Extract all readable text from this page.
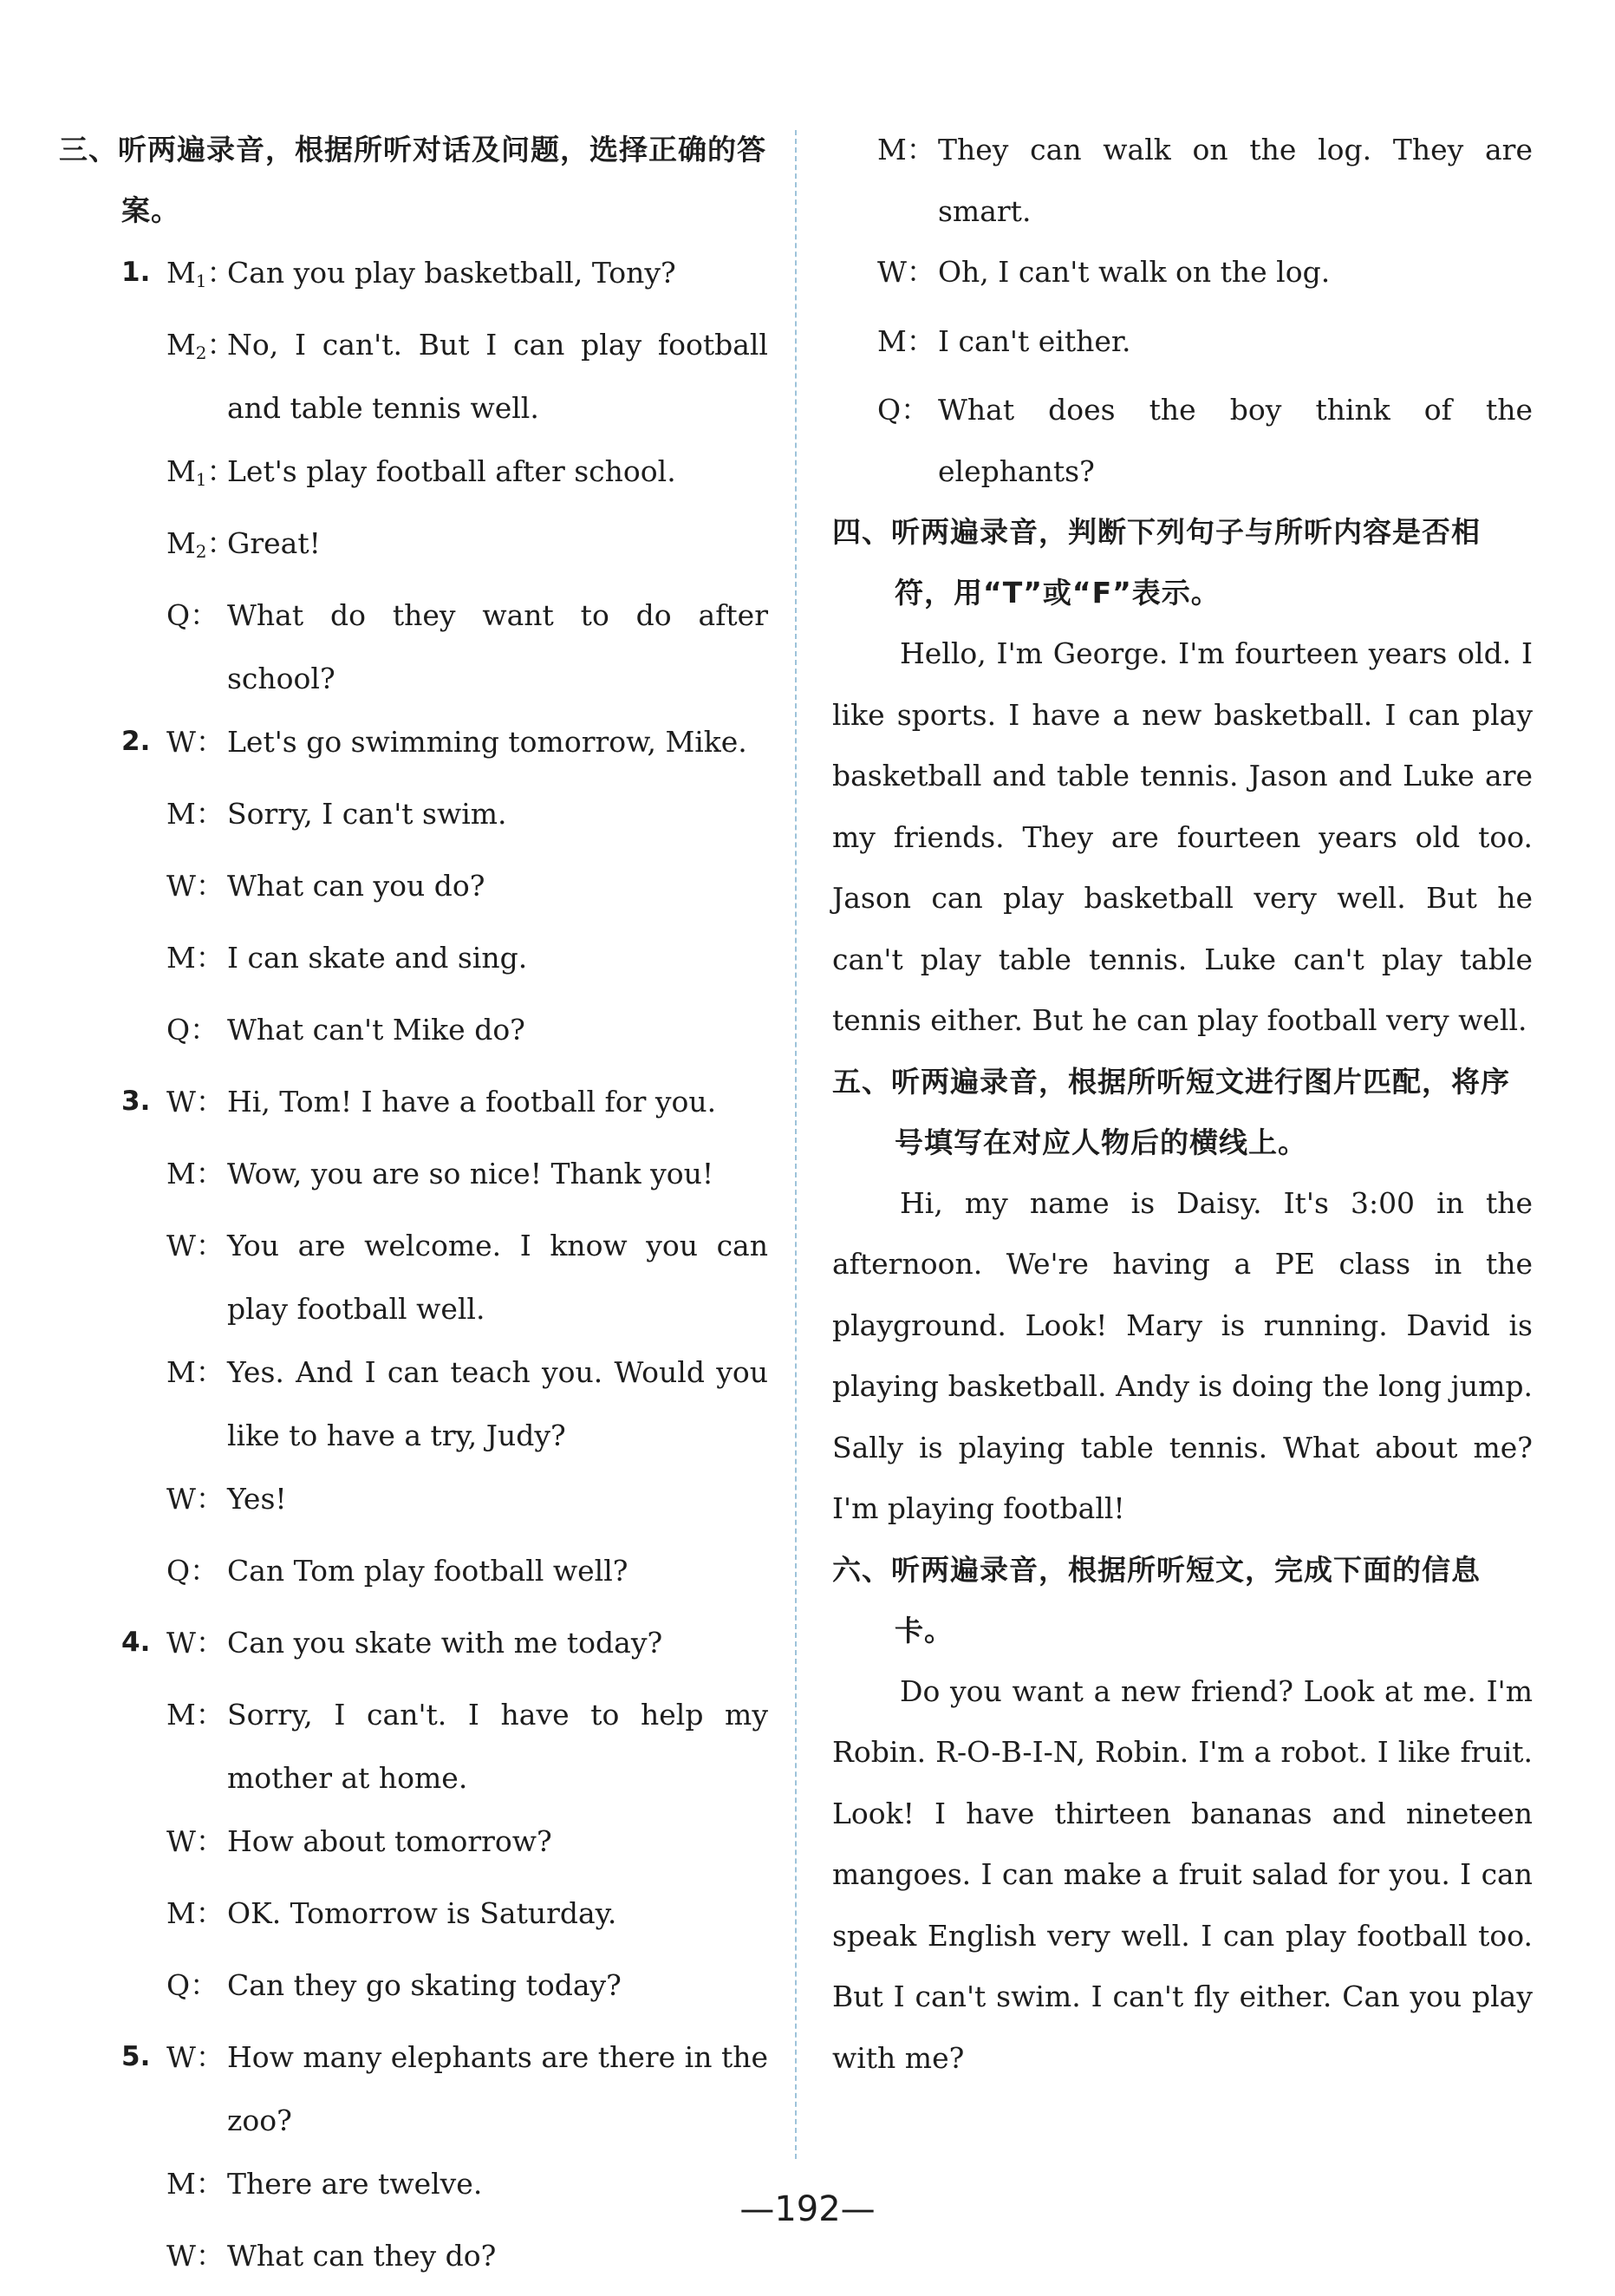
三、听两遍录音，根据所听对话及问题，选择正确的答案。

1. M1：
Can you play basketball, Tony?
M2：
No, I can't. But I can play football and table tennis well.
M1：
Let's play football after school.
M2：
Great!
Q： What do they want to do after school?
2. W： Let's go swimming tomorrow, Mike.
M： Sorry, I can't swim.
W： What can you do?
M： I can skate and sing.
Q： What can't Mike do?
3. W： Hi, Tom! I have a football for you.
M： Wow, you are so nice! Thank you!
W： You are welcome. I know you can play football well.
M： Yes. And I can teach you. Would you like to have a try, Judy?
W： Yes!
Q： Can Tom play football well?
4. W： Can you skate with me today?
M： Sorry, I can't. I have to help my mother at home.
W： How about tomorrow?
M： OK. Tomorrow is Saturday.
Q： Can they go skating today?
5. W： How many elephants are there in the zoo?
M： There are twelve.
W： What can they do?
M： They can walk on the log. They are smart.
W： Oh, I can't walk on the log.
M： I can't either.
Q： What does the boy think of the elephants?

四、听两遍录音，判断下列句子与所听内容是否相符，用“T”或“F”表示。

Hello, I'm George. I'm fourteen years old. I like sports. I have a new basketball. I can play basketball and table tennis. Jason and Luke are my friends. They are fourteen years old too. Jason can play basketball very well. But he can't play table tennis. Luke can't play table tennis either. But he can play football very well.

五、听两遍录音，根据所听短文进行图片匹配，将序号填写在对应人物后的横线上。

Hi, my name is Daisy. It's 3:00 in the afternoon. We're having a PE class in the playground. Look! Mary is running. David is playing basketball. Andy is doing the long jump. Sally is playing table tennis. What about me? I'm playing football!

六、听两遍录音，根据所听短文，完成下面的信息卡。

Do you want a new friend? Look at me. I'm Robin. R-O-B-I-N, Robin. I'm a robot. I like fruit. Look! I have thirteen bananas and nineteen mangoes. I can make a fruit salad for you. I can speak English very well. I can play football too. But I can't swim. I can't fly either. Can you play with me?

—192—
